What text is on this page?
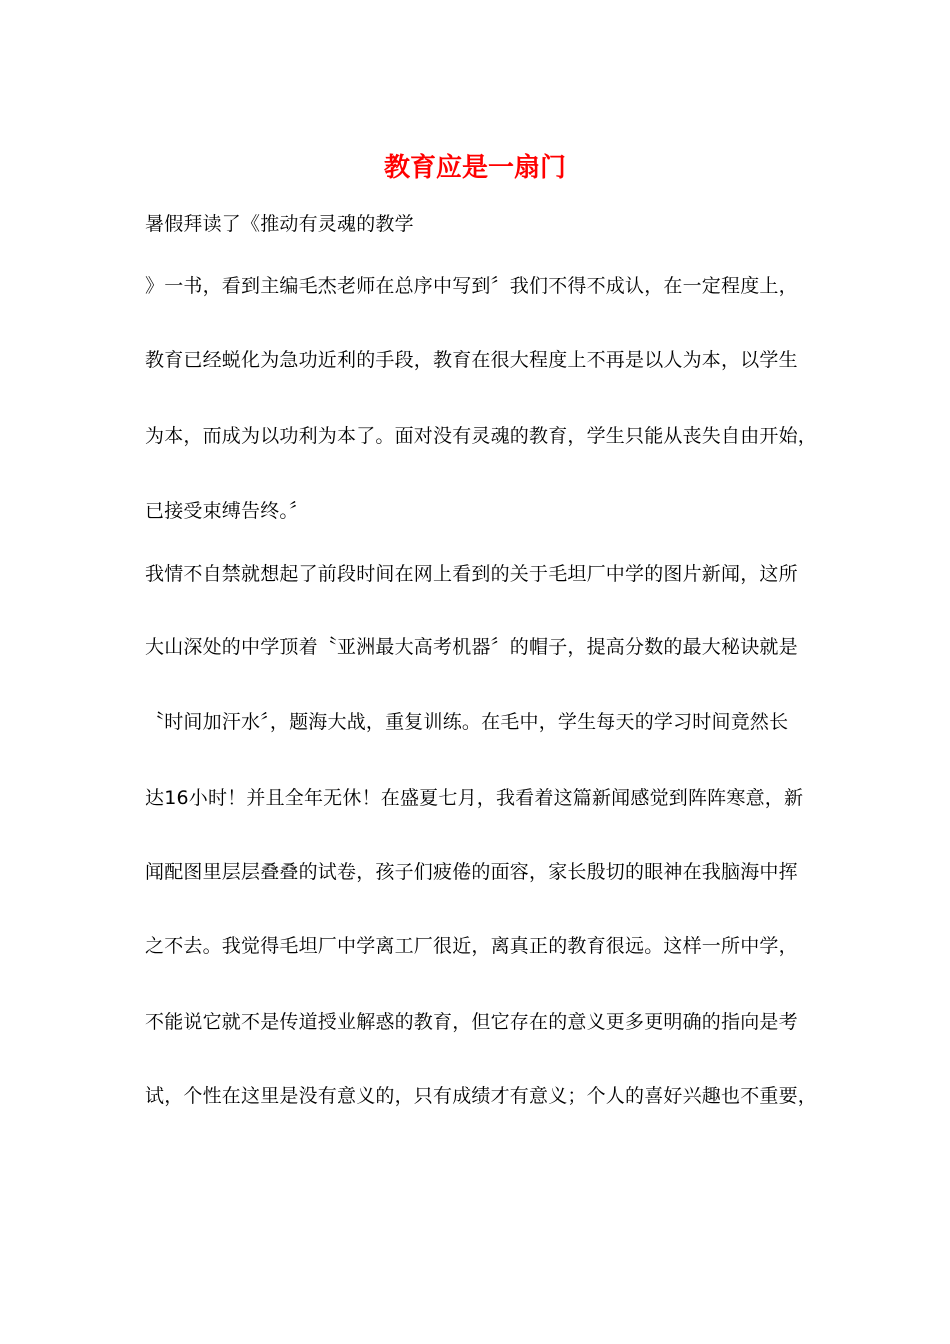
教育应是一扇门
暑假拜读了《推动有灵魂的教学
》一书，看到主编毛杰老师在总序中写到〞我们不得不成认，在一定程度上，
教育已经蜕化为急功近利的手段，教育在很大程度上不再是以人为本，以学生
为本，而成为以功利为本了。面对没有灵魂的教育，学生只能从丧失自由开始，
已接受束缚告终。〞
我情不自禁就想起了前段时间在网上看到的关于毛坦厂中学的图片新闻，这所
大山深处的中学顶着〝亚洲最大高考机器〞的帽子，提高分数的最大秘诀就是
〝时间加汗水〞，题海大战，重复训练。在毛中，学生每天的学习时间竟然长
达16小时！并且全年无休！在盛夏七月，我看着这篇新闻感觉到阵阵寒意，新
闻配图里层层叠叠的试卷，孩子们疲倦的面容，家长殷切的眼神在我脑海中挥
之不去。我觉得毛坦厂中学离工厂很近，离真正的教育很远。这样一所中学，
不能说它就不是传道授业解惑的教育，但它存在的意义更多更明确的指向是考
试，个性在这里是没有意义的，只有成绩才有意义；个人的喜好兴趣也不重要，
